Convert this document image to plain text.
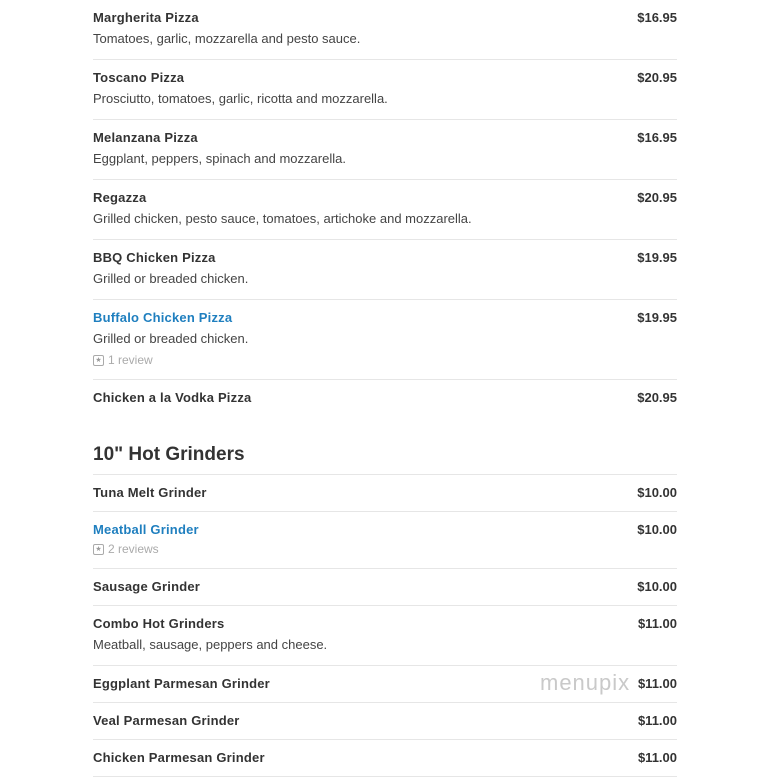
Margherita Pizza	$16.95
Tomatoes, garlic, mozzarella and pesto sauce.
Toscano Pizza	$20.95
Prosciutto, tomatoes, garlic, ricotta and mozzarella.
Melanzana Pizza	$16.95
Eggplant, peppers, spinach and mozzarella.
Regazza	$20.95
Grilled chicken, pesto sauce, tomatoes, artichoke and mozzarella.
BBQ Chicken Pizza	$19.95
Grilled or breaded chicken.
Buffalo Chicken Pizza	$19.95
Grilled or breaded chicken.
★ 1 review
Chicken a la Vodka Pizza	$20.95
10" Hot Grinders
Tuna Melt Grinder	$10.00
Meatball Grinder	$10.00
★ 2 reviews
Sausage Grinder	$10.00
Combo Hot Grinders	$11.00
Meatball, sausage, peppers and cheese.
Eggplant Parmesan Grinder	$11.00
Veal Parmesan Grinder	$11.00
Chicken Parmesan Grinder	$11.00
menupix
